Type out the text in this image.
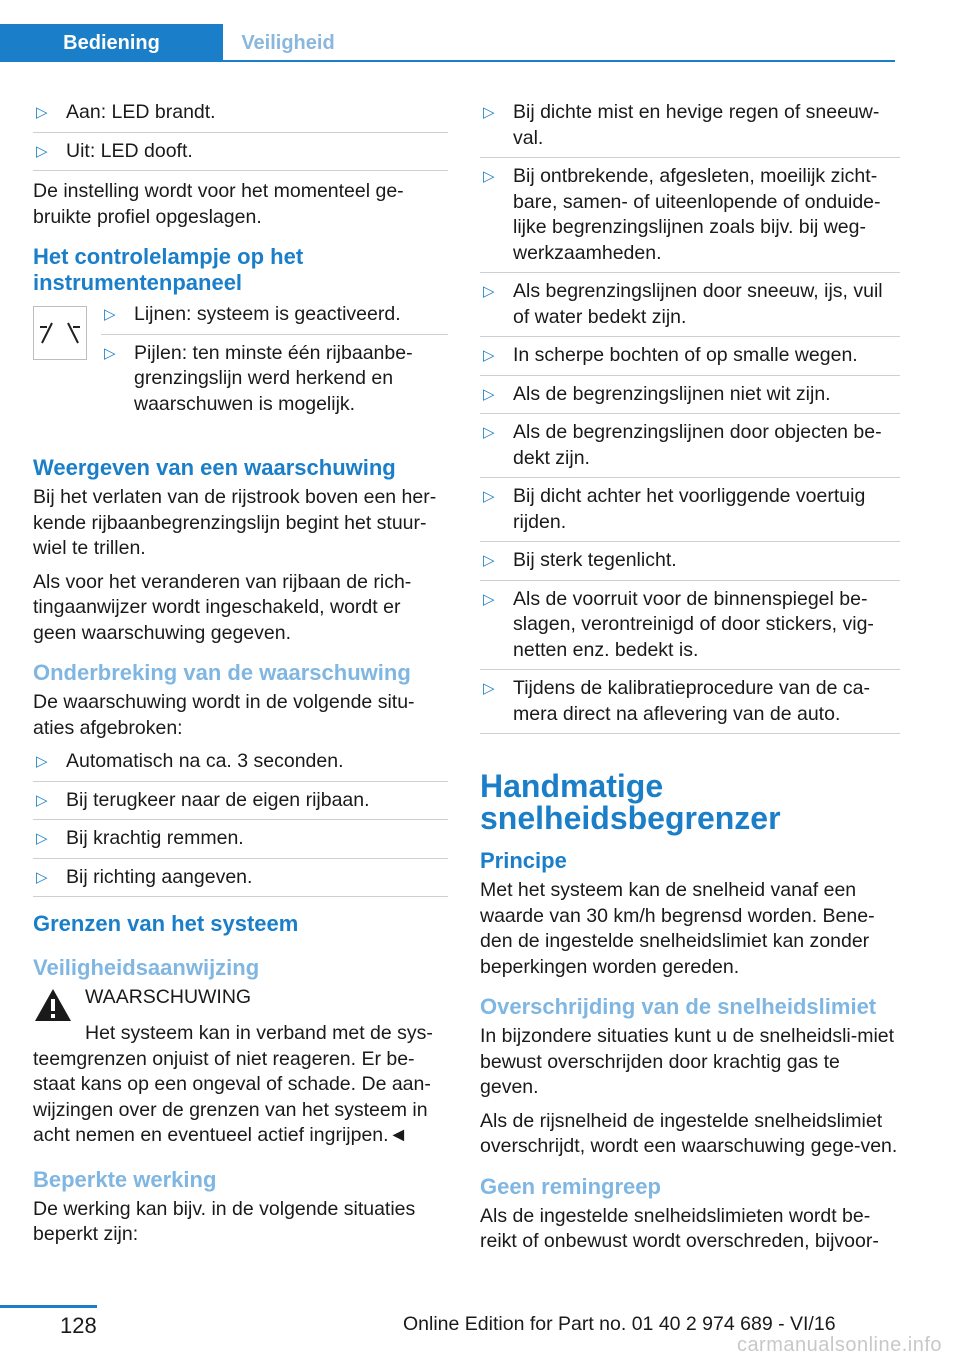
Bediening	Veiligheid
▷ Aan: LED brandt.
▷ Uit: LED dooft.

De instelling wordt voor het momenteel ge-bruikte profiel opgeslagen.

Het controlelampje op het instrumentenpaneel
▷ Lijnen: systeem is geactiveerd.
▷ Pijlen: ten minste één rijbaanbe-grenzingslijn werd herkend en waarschuwen is mogelijk.
Weergeven van een waarschuwing

Bij het verlaten van de rijstrook boven een her-kende rijbaanbegrenzingslijn begint het stuur-wiel te trillen.

Als voor het veranderen van rijbaan de rich-tingaanwijzer wordt ingeschakeld, wordt er geen waarschuwing gegeven.

Onderbreking van de waarschuwing

De waarschuwing wordt in de volgende situ-aties afgebroken:

▷ Automatisch na ca. 3 seconden.
▷ Bij terugkeer naar de eigen rijbaan.
▷ Bij krachtig remmen.
▷ Bij richting aangeven.
Grenzen van het systeem
Veiligheidsaanwijzing
WAARSCHUWING

Het systeem kan in verband met de sys-teemgrenzen onjuist of niet reageren. Er be-staat kans op een ongeval of schade. De aan-wijzingen over de grenzen van het systeem in acht nemen en eventueel actief ingrijpen.◄

Beperkte werking

De werking kan bijv. in de volgende situaties beperkt zijn:

▷ Bij dichte mist en hevige regen of sneeuw-val.
▷ Bij ontbrekende, afgesleten, moeilijk zicht-bare, samen- of uiteenlopende of onduide-lijke begrenzingslijnen zoals bijv. bij weg-werkzaamheden.
▷ Als begrenzingslijnen door sneeuw, ijs, vuil of water bedekt zijn.
▷ In scherpe bochten of op smalle wegen.
▷ Als de begrenzingslijnen niet wit zijn.
▷ Als de begrenzingslijnen door objecten be-dekt zijn.
▷ Bij dicht achter het voorliggende voertuig rijden.
▷ Bij sterk tegenlicht.
▷ Als de voorruit voor de binnenspiegel be-slagen, verontreinigd of door stickers, vig-netten enz. bedekt is.
▷ Tijdens de kalibratieprocedure van de ca-mera direct na aflevering van de auto.
Handmatige snelheidsbegrenzer
Principe

Met het systeem kan de snelheid vanaf een waarde van 30 km/h begrensd worden. Bene-den de ingestelde snelheidslimiet kan zonder beperkingen worden gereden.

Overschrijding van de snelheidslimiet

In bijzondere situaties kunt u de snelheidsli-miet bewust overschrijden door krachtig gas te geven.

Als de rijsnelheid de ingestelde snelheidslimiet overschrijdt, wordt een waarschuwing gege-ven.

Geen remingreep

Als de ingestelde snelheidslimieten wordt be-reikt of onbewust wordt overschreden, bijvoor-

128	Online Edition for Part no. 01 40 2 974 689 - VI/16
carmanualsonline.info
